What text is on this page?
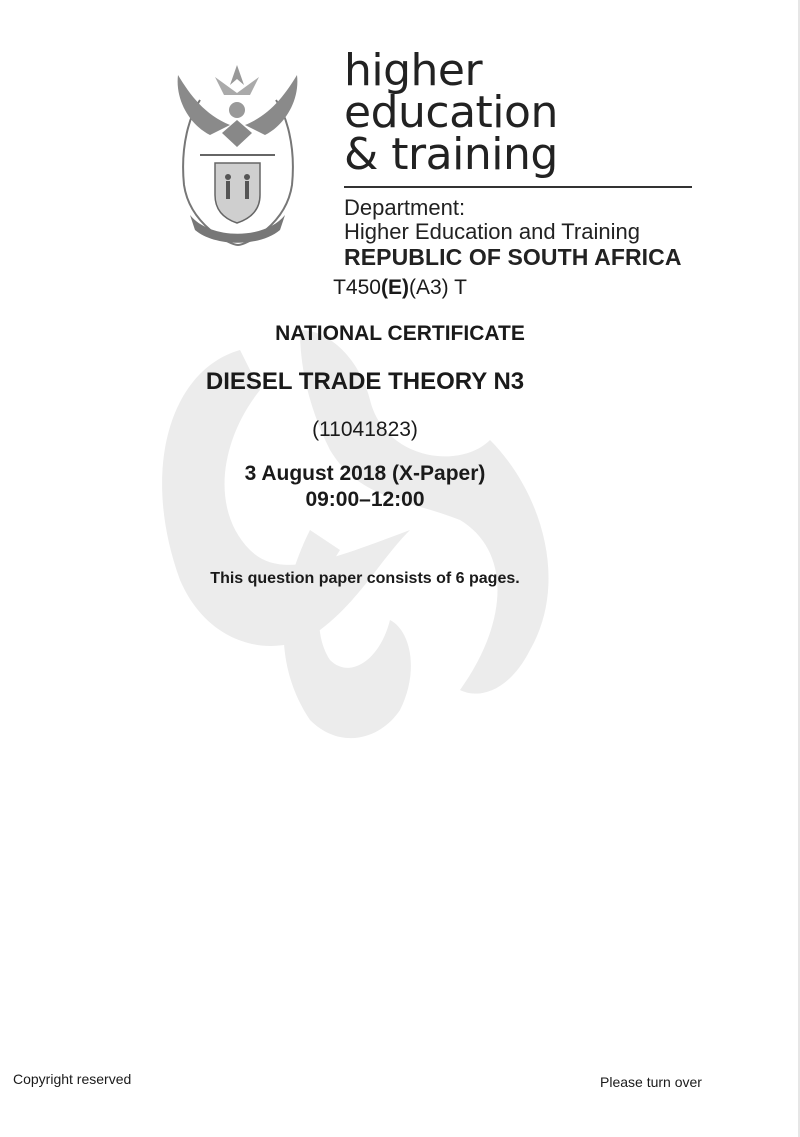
higher education
& training
Department:
Higher Education and Training
REPUBLIC OF SOUTH AFRICA
T450(E)(A3) T
NATIONAL CERTIFICATE
DIESEL TRADE THEORY N3
(11041823)
3 August 2018 (X-Paper)
09:00–12:00
This question paper consists of 6 pages.
Copyright reserved	Please turn over
